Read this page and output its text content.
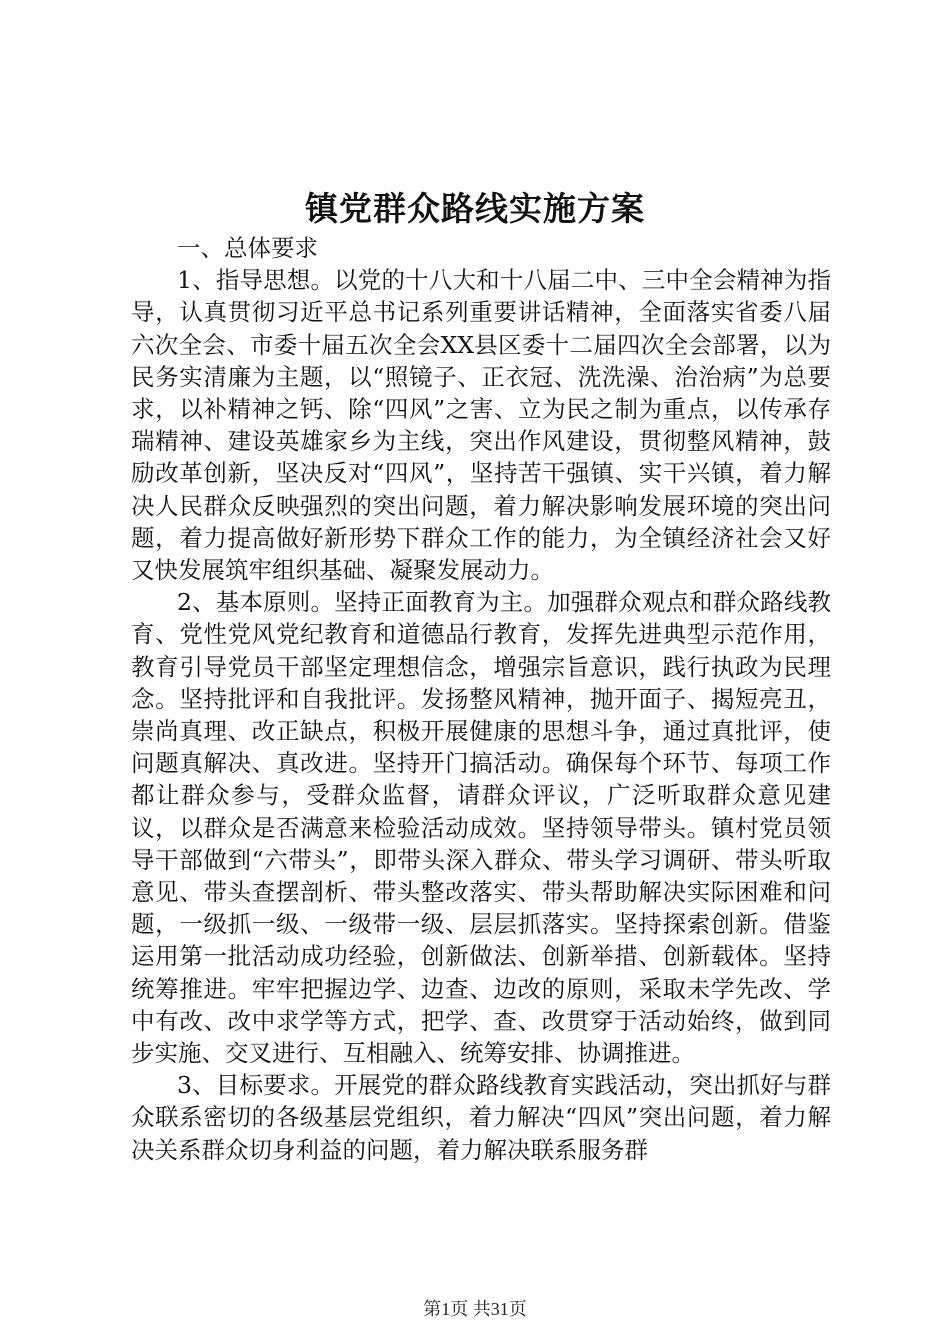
镇党群众路线实施方案
一、总体要求

1、指导思想。以党的十八大和十八届二中、三中全会精神为指导，认真贯彻习近平总书记系列重要讲话精神，全面落实省委八届六次全会、市委十届五次全会XX县区委十二届四次全会部署，以为民务实清廉为主题，以“照镜子、正衣冠、洗洗澡、治治病”为总要求，以补精神之钙、除“四风”之害、立为民之制为重点，以传承存瑞精神、建设英雄家乡为主线，突出作风建设，贯彻整风精神，鼓励改革创新，坚决反对“四风”，坚持苦干强镇、实干兴镇，着力解决人民群众反映强烈的突出问题，着力解决影响发展环境的突出问题，着力提高做好新形势下群众工作的能力，为全镇经济社会又好又快发展筑牢组织基础、凝聚发展动力。

2、基本原则。坚持正面教育为主。加强群众观点和群众路线教育、党性党风党纪教育和道德品行教育，发挥先进典型示范作用，教育引导党员干部坚定理想信念，增强宗旨意识，践行执政为民理念。坚持批评和自我批评。发扬整风精神，抛开面子、揭短亮丑，崇尚真理、改正缺点，积极开展健康的思想斗争，通过真批评，使问题真解决、真改进。坚持开门搞活动。确保每个环节、每项工作都让群众参与，受群众监督，请群众评议，广泛听取群众意见建议，以群众是否满意来检验活动成效。坚持领导带头。镇村党员领导干部做到“六带头”，即带头深入群众、带头学习调研、带头听取意见、带头查摆剖析、带头整改落实、带头帮助解决实际困难和问题，一级抓一级、一级带一级、层层抓落实。坚持探索创新。借鉴运用第一批活动成功经验，创新做法、创新举措、创新载体。坚持统筹推进。牢牢把握边学、边查、边改的原则，采取未学先改、学中有改、改中求学等方式，把学、查、改贯穿于活动始终，做到同步实施、交叉进行、互相融入、统筹安排、协调推进。

3、目标要求。开展党的群众路线教育实践活动，突出抓好与群众联系密切的各级基层党组织，着力解决“四风”突出问题，着力解决关系群众切身利益的问题，着力解决联系服务群

第1页 共31页
